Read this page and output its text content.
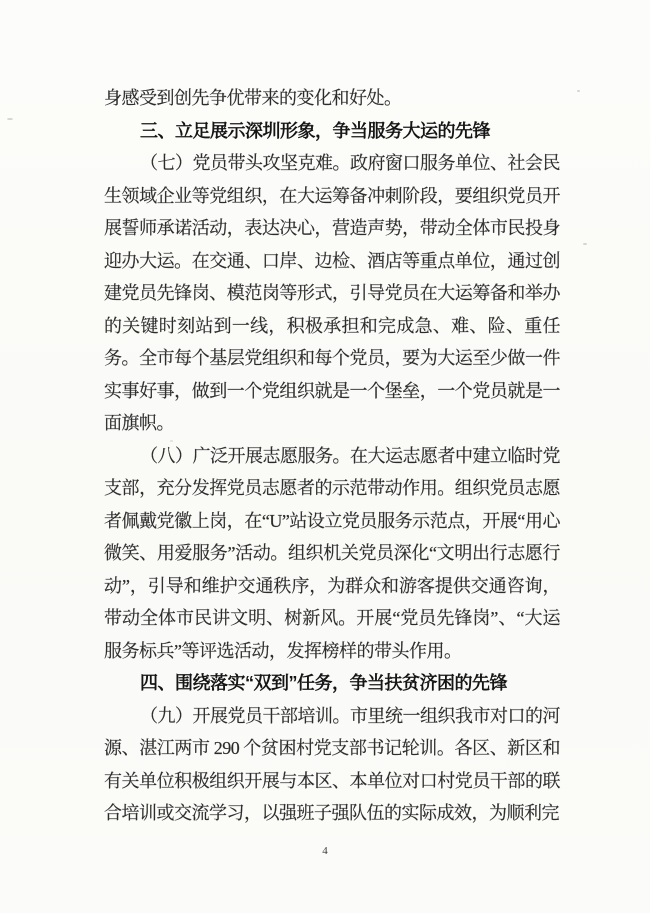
身感受到创先争优带来的变化和好处。

三、立足展示深圳形象，争当服务大运的先锋

（七）党员带头攻坚克难。政府窗口服务单位、社会民生领域企业等党组织，在大运筹备冲刺阶段，要组织党员开展誓师承诺活动，表达决心，营造声势，带动全体市民投身迎办大运。在交通、口岸、边检、酒店等重点单位，通过创建党员先锋岗、模范岗等形式，引导党员在大运筹备和举办的关键时刻站到一线，积极承担和完成急、难、险、重任务。全市每个基层党组织和每个党员，要为大运至少做一件实事好事，做到一个党组织就是一个堡垒，一个党员就是一面旗帜。

（八）广泛开展志愿服务。在大运志愿者中建立临时党支部，充分发挥党员志愿者的示范带动作用。组织党员志愿者佩戴党徽上岗，在“U”站设立党员服务示范点，开展“用心微笑、用爱服务”活动。组织机关党员深化“文明出行志愿行动”，引导和维护交通秩序，为群众和游客提供交通咨询，带动全体市民讲文明、树新风。开展“党员先锋岗”、“大运服务标兵”等评选活动，发挥榜样的带头作用。

四、围绕落实“双到”任务，争当扶贫济困的先锋

（九）开展党员干部培训。市里统一组织我市对口的河源、湛江两市 290 个贫困村党支部书记轮训。各区、新区和有关单位积极组织开展与本区、本单位对口村党员干部的联合培训或交流学习，以强班子强队伍的实际成效，为顺利完

4
